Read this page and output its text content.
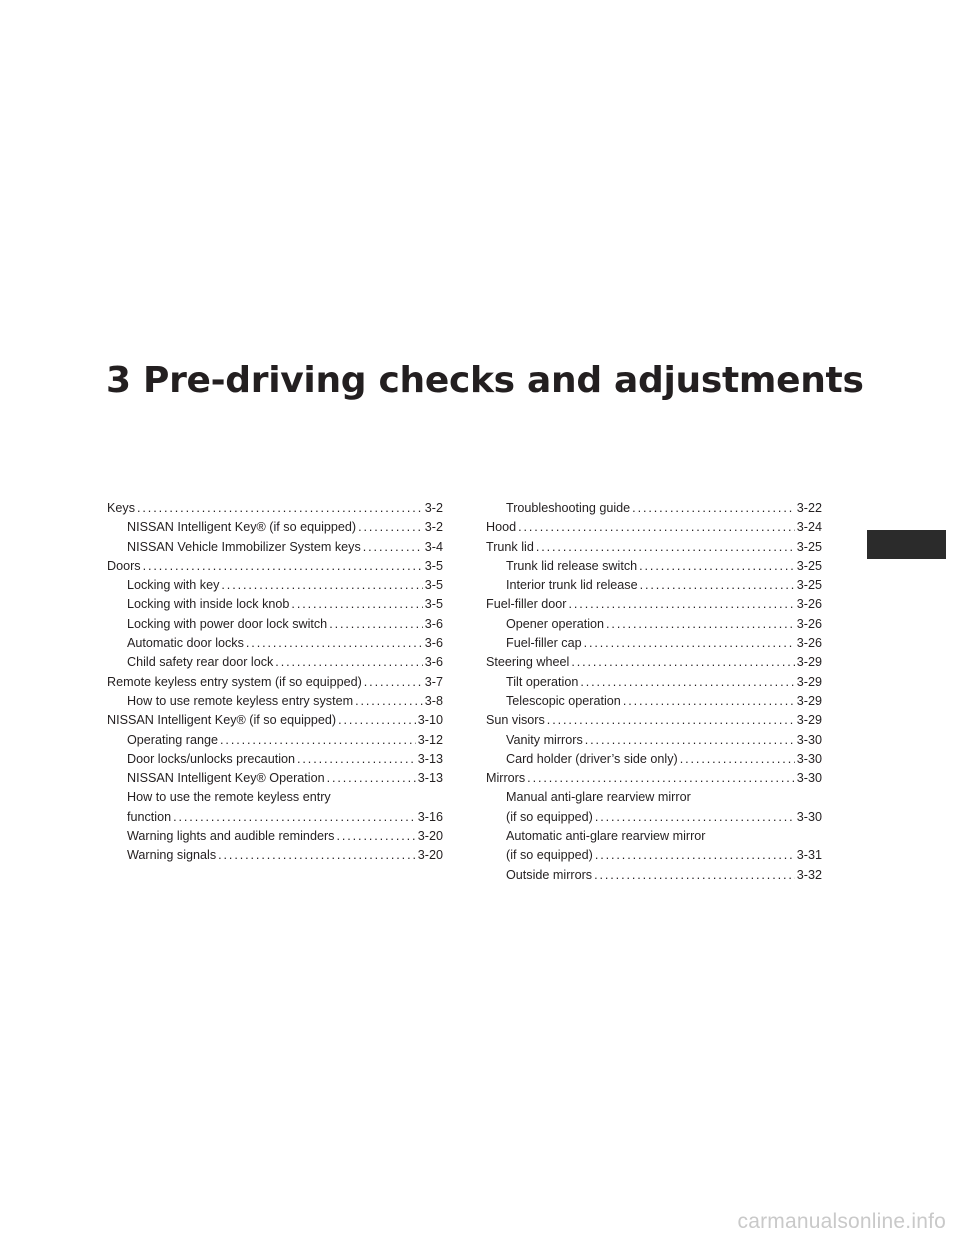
3 Pre-driving checks and adjustments
Keys . . .	3-2
NISSAN Intelligent Key® (if so equipped) . . .	3-2
NISSAN Vehicle Immobilizer System keys . . .	3-4
Doors . . .	3-5
Locking with key . . .	3-5
Locking with inside lock knob . . .	3-5
Locking with power door lock switch . . .	3-6
Automatic door locks . . .	3-6
Child safety rear door lock . . .	3-6
Remote keyless entry system (if so equipped) . . .	3-7
How to use remote keyless entry system . . .	3-8
NISSAN Intelligent Key® (if so equipped) . . .	3-10
Operating range . . .	3-12
Door locks/unlocks precaution . . .	3-13
NISSAN Intelligent Key® Operation . . .	3-13
How to use the remote keyless entry
function . . .	3-16
Warning lights and audible reminders . . .	3-20
Warning signals . . .	3-20
Troubleshooting guide . . .	3-22
Hood . . .	3-24
Trunk lid . . .	3-25
Trunk lid release switch . . .	3-25
Interior trunk lid release . . .	3-25
Fuel-filler door . . .	3-26
Opener operation . . .	3-26
Fuel-filler cap . . .	3-26
Steering wheel . . .	3-29
Tilt operation . . .	3-29
Telescopic operation . . .	3-29
Sun visors . . .	3-29
Vanity mirrors . . .	3-30
Card holder (driver’s side only) . . .	3-30
Mirrors . . .	3-30
Manual anti-glare rearview mirror
(if so equipped) . . .	3-30
Automatic anti-glare rearview mirror
(if so equipped) . . .	3-31
Outside mirrors . . .	3-32
carmanualsonline.info
